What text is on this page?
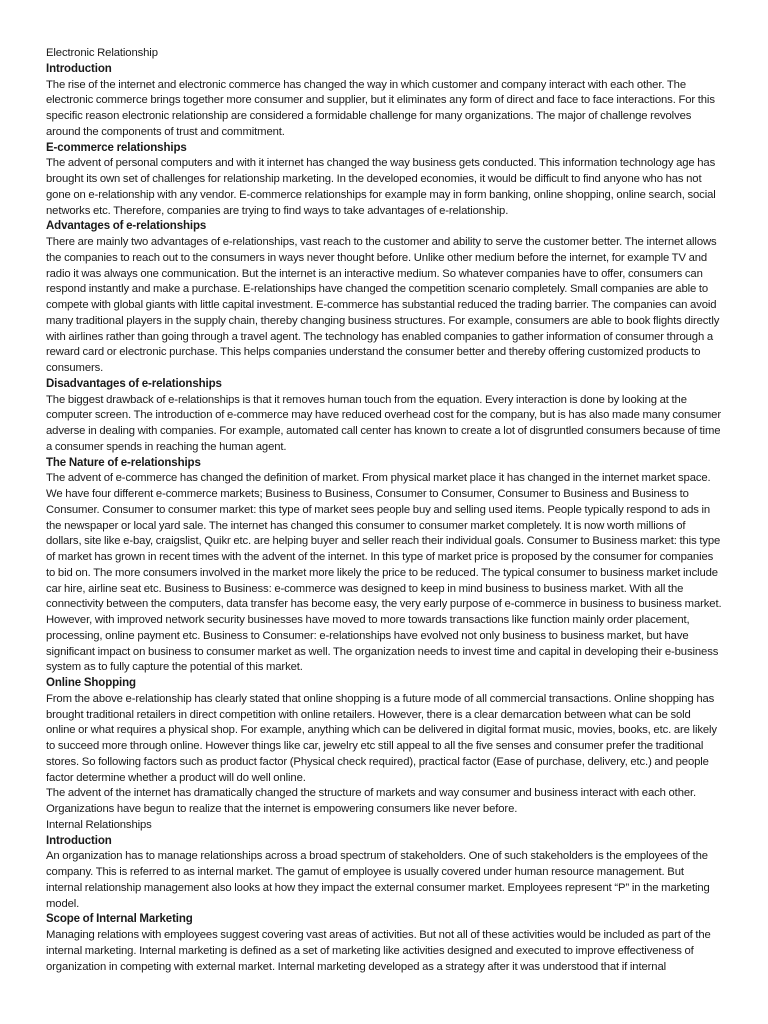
Electronic Relationship

Introduction

The rise of the internet and electronic commerce has changed the way in which customer and company interact with each other. The electronic commerce brings together more consumer and supplier, but it eliminates any form of direct and face to face interactions. For this specific reason electronic relationship are considered a formidable challenge for many organizations. The major of challenge revolves around the components of trust and commitment.

E-commerce relationships

The advent of personal computers and with it internet has changed the way business gets conducted. This information technology age has brought its own set of challenges for relationship marketing. In the developed economies, it would be difficult to find anyone who has not gone on e-relationship with any vendor. E-commerce relationships for example may in form banking, online shopping, online search, social networks etc. Therefore, companies are trying to find ways to take advantages of e-relationship.

Advantages of e-relationships

There are mainly two advantages of e-relationships, vast reach to the customer and ability to serve the customer better. The internet allows the companies to reach out to the consumers in ways never thought before. Unlike other medium before the internet, for example TV and radio it was always one communication. But the internet is an interactive medium. So whatever companies have to offer, consumers can respond instantly and make a purchase. E-relationships have changed the competition scenario completely. Small companies are able to compete with global giants with little capital investment. E-commerce has substantial reduced the trading barrier. The companies can avoid many traditional players in the supply chain, thereby changing business structures. For example, consumers are able to book flights directly with airlines rather than going through a travel agent. The technology has enabled companies to gather information of consumer through a reward card or electronic purchase. This helps companies understand the consumer better and thereby offering customized products to consumers.

Disadvantages of e-relationships

The biggest drawback of e-relationships is that it removes human touch from the equation. Every interaction is done by looking at the computer screen. The introduction of e-commerce may have reduced overhead cost for the company, but is has also made many consumer adverse in dealing with companies. For example, automated call center has known to create a lot of disgruntled consumers because of time a consumer spends in reaching the human agent.

The Nature of e-relationships

The advent of e-commerce has changed the definition of market. From physical market place it has changed in the internet market space. We have four different e-commerce markets; Business to Business, Consumer to Consumer, Consumer to Business and Business to Consumer. Consumer to consumer market: this type of market sees people buy and selling used items. People typically respond to ads in the newspaper or local yard sale. The internet has changed this consumer to consumer market completely. It is now worth millions of dollars, site like e-bay, craigslist, Quikr etc. are helping buyer and seller reach their individual goals. Consumer to Business market: this type of market has grown in recent times with the advent of the internet. In this type of market price is proposed by the consumer for companies to bid on. The more consumers involved in the market more likely the price to be reduced. The typical consumer to business market include car hire, airline seat etc. Business to Business: e-commerce was designed to keep in mind business to business market. With all the connectivity between the computers, data transfer has become easy, the very early purpose of e-commerce in business to business market. However, with improved network security businesses have moved to more towards transactions like function mainly order placement, processing, online payment etc. Business to Consumer: e-relationships have evolved not only business to business market, but have significant impact on business to consumer market as well. The organization needs to invest time and capital in developing their e-business system as to fully capture the potential of this market.

Online Shopping

From the above e-relationship has clearly stated that online shopping is a future mode of all commercial transactions. Online shopping has brought traditional retailers in direct competition with online retailers. However, there is a clear demarcation between what can be sold online or what requires a physical shop. For example, anything which can be delivered in digital format music, movies, books, etc. are likely to succeed more through online. However things like car, jewelry etc still appeal to all the five senses and consumer prefer the traditional stores. So following factors such as product factor (Physical check required), practical factor (Ease of purchase, delivery, etc.) and people factor determine whether a product will do well online.

The advent of the internet has dramatically changed the structure of markets and way consumer and business interact with each other. Organizations have begun to realize that the internet is empowering consumers like never before.

Internal Relationships

Introduction

An organization has to manage relationships across a broad spectrum of stakeholders. One of such stakeholders is the employees of the company. This is referred to as internal market. The gamut of employee is usually covered under human resource management. But internal relationship management also looks at how they impact the external consumer market. Employees represent “P” in the marketing model.

Scope of Internal Marketing

Managing relations with employees suggest covering vast areas of activities. But not all of these activities would be included as part of the internal marketing. Internal marketing is defined as a set of marketing like activities designed and executed to improve effectiveness of organization in competing with external market. Internal marketing developed as a strategy after it was understood that if internal
